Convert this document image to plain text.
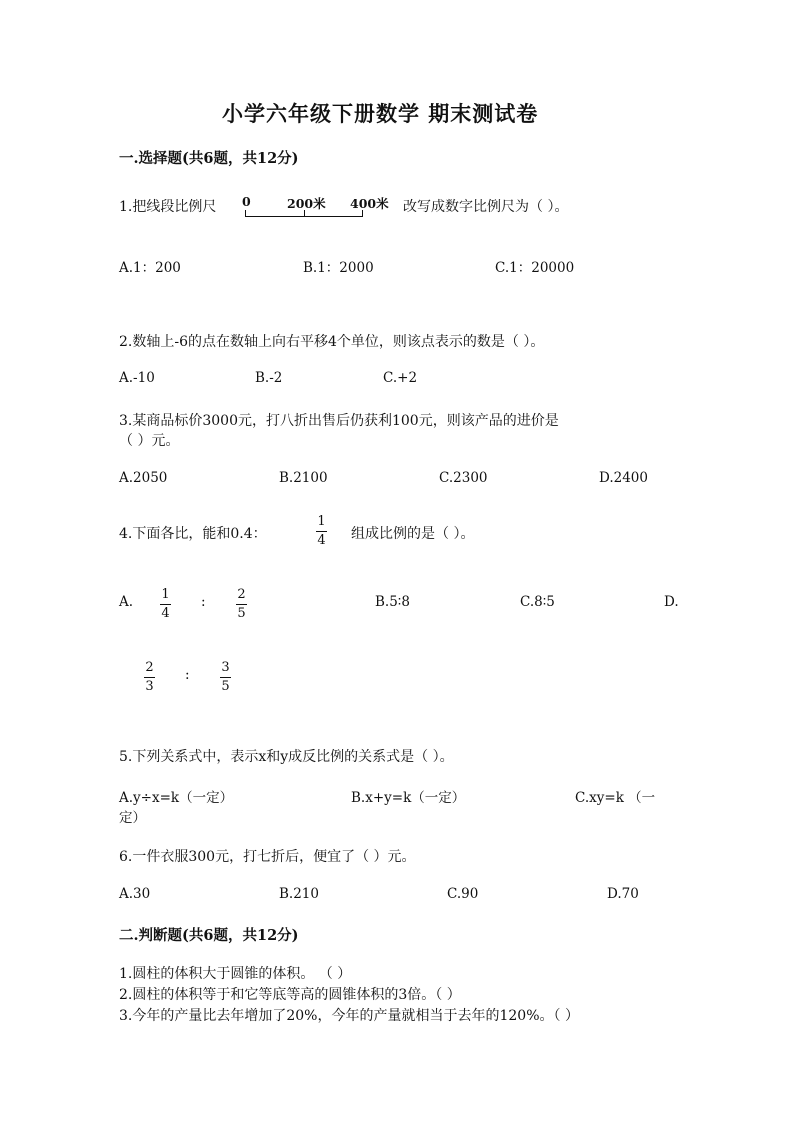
小学六年级下册数学 期末测试卷
一.选择题(共6题，共12分)
1.把线段比例尺 0	200米 400米 改写成数字比例尺为（ ）。
A.1：200	B.1：2000	C.1：20000
2.数轴上-6的点在数轴上向右平移4个单位，则该点表示的数是（ ）。
A.-10	B.-2	C.+2
3.某商品标价3000元，打八折出售后仍获利100元，则该产品的进价是
（ ）元。
A.2050	B.2100	C.2300	D.2400
4.下面各比，能和0.4：
1
4 组成比例的是（ ）。
A. 1
4
: 2
5
B.5∶8	C.8∶5	D.
2
3
: 3
5
5.下列关系式中，表示x和y成反比例的关系式是（ ）。
A.y÷x=k（一定）	B.x+y=k（一定）	C.xy=k （一
定）
6.一件衣服300元，打七折后，便宜了（ ）元。
A.30	B.210	C.90	D.70
二.判断题(共6题，共12分)
1.圆柱的体积大于圆锥的体积。 （ ）
2.圆柱的体积等于和它等底等高的圆锥体积的3倍。（ ）
3.今年的产量比去年增加了20%，今年的产量就相当于去年的120%。（ ）
